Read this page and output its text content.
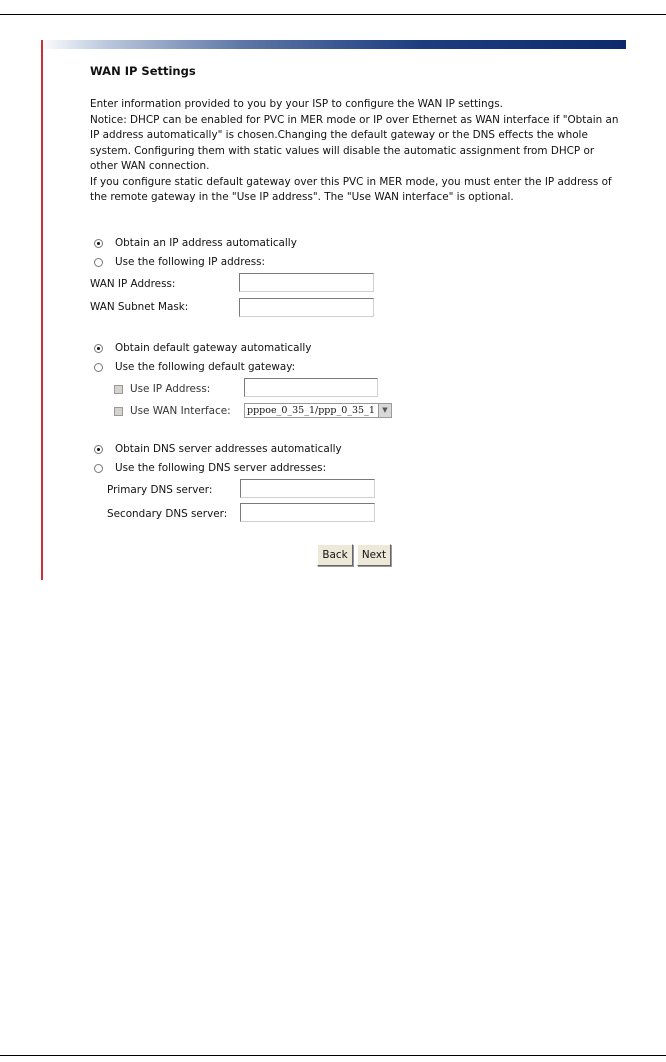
WAN IP Settings

Enter information provided to you by your ISP to configure the WAN IP settings.

Notice: DHCP can be enabled for PVC in MER mode or IP over Ethernet as WAN interface if "Obtain an IP address automatically" is chosen.Changing the default gateway or the DNS effects the whole system. Configuring them with static values will disable the automatic assignment from DHCP or other WAN connection.

If you configure static default gateway over this PVC in MER mode, you must enter the IP address of the remote gateway in the "Use IP address". The "Use WAN interface" is optional.

Obtain an IP address automatically
Use the following IP address:
WAN IP Address:
WAN Subnet Mask:
Obtain default gateway automatically
Use the following default gateway:
Use IP Address:
Use WAN Interface:	pppoe_0_35_1/ppp_0_35_1	▼
Obtain DNS server addresses automatically
Use the following DNS server addresses:
Primary DNS server:
Secondary DNS server:
Back	Next
